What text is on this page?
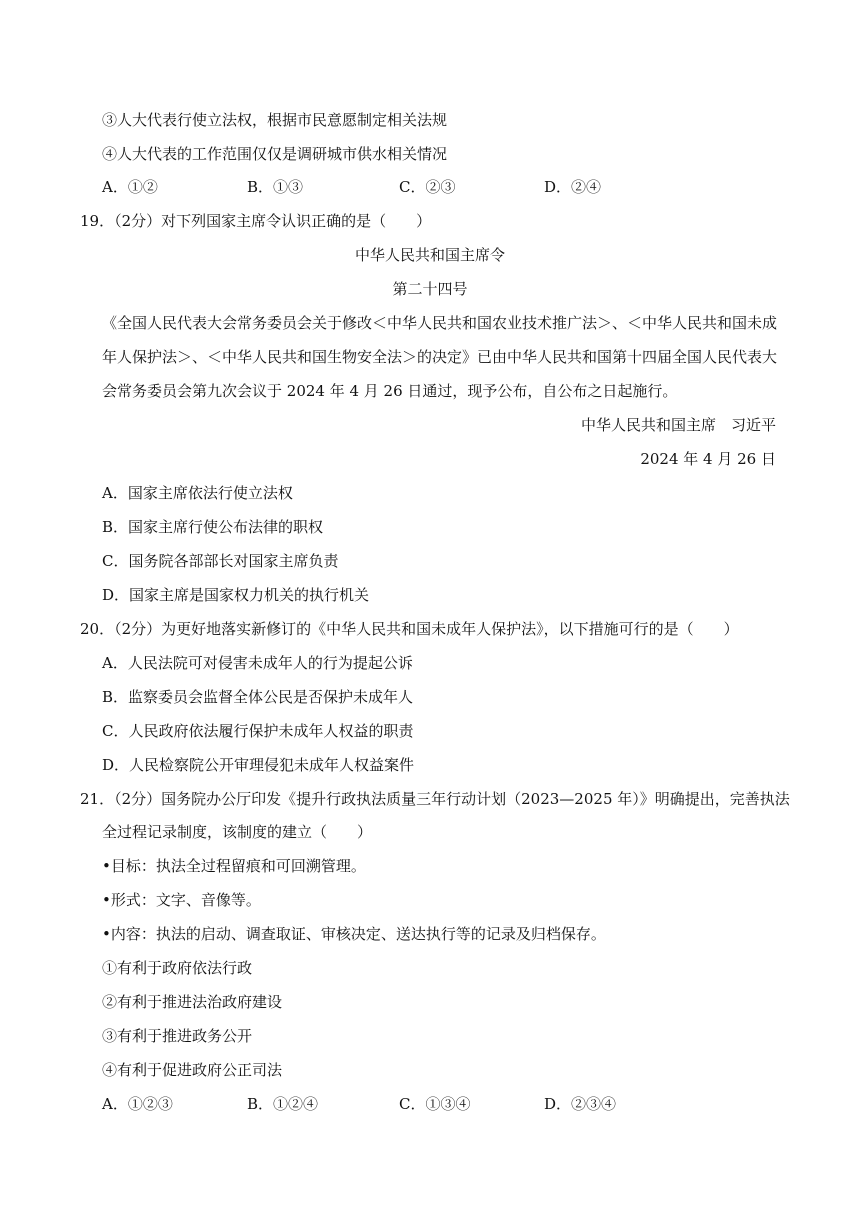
③人大代表行使立法权，根据市民意愿制定相关法规
④人大代表的工作范围仅仅是调研城市供水相关情况
A．①②	B．①③	C．②③	D．②④
19．（2分）对下列国家主席令认识正确的是（　　）
中华人民共和国主席令
第二十四号
《全国人民代表大会常务委员会关于修改＜中华人民共和国农业技术推广法＞、＜中华人民共和国未成
年人保护法＞、＜中华人民共和国生物安全法＞的决定》已由中华人民共和国第十四届全国人民代表大
会常务委员会第九次会议于 2024 年 4 月 26 日通过，现予公布，自公布之日起施行。
中华人民共和国主席　习近平
2024 年 4 月 26 日
A．国家主席依法行使立法权
B．国家主席行使公布法律的职权
C．国务院各部部长对国家主席负责
D．国家主席是国家权力机关的执行机关
20．（2分）为更好地落实新修订的《中华人民共和国未成年人保护法》，以下措施可行的是（　　）
A．人民法院可对侵害未成年人的行为提起公诉
B．监察委员会监督全体公民是否保护未成年人
C．人民政府依法履行保护未成年人权益的职责
D．人民检察院公开审理侵犯未成年人权益案件
21．（2分）国务院办公厅印发《提升行政执法质量三年行动计划（2023—2025 年）》明确提出，完善执法
全过程记录制度，该制度的建立（　　）
•目标：执法全过程留痕和可回溯管理。
•形式：文字、音像等。
•内容：执法的启动、调查取证、审核决定、送达执行等的记录及归档保存。
①有利于政府依法行政
②有利于推进法治政府建设
③有利于推进政务公开
④有利于促进政府公正司法
A．①②③	B．①②④	C．①③④	D．②③④
